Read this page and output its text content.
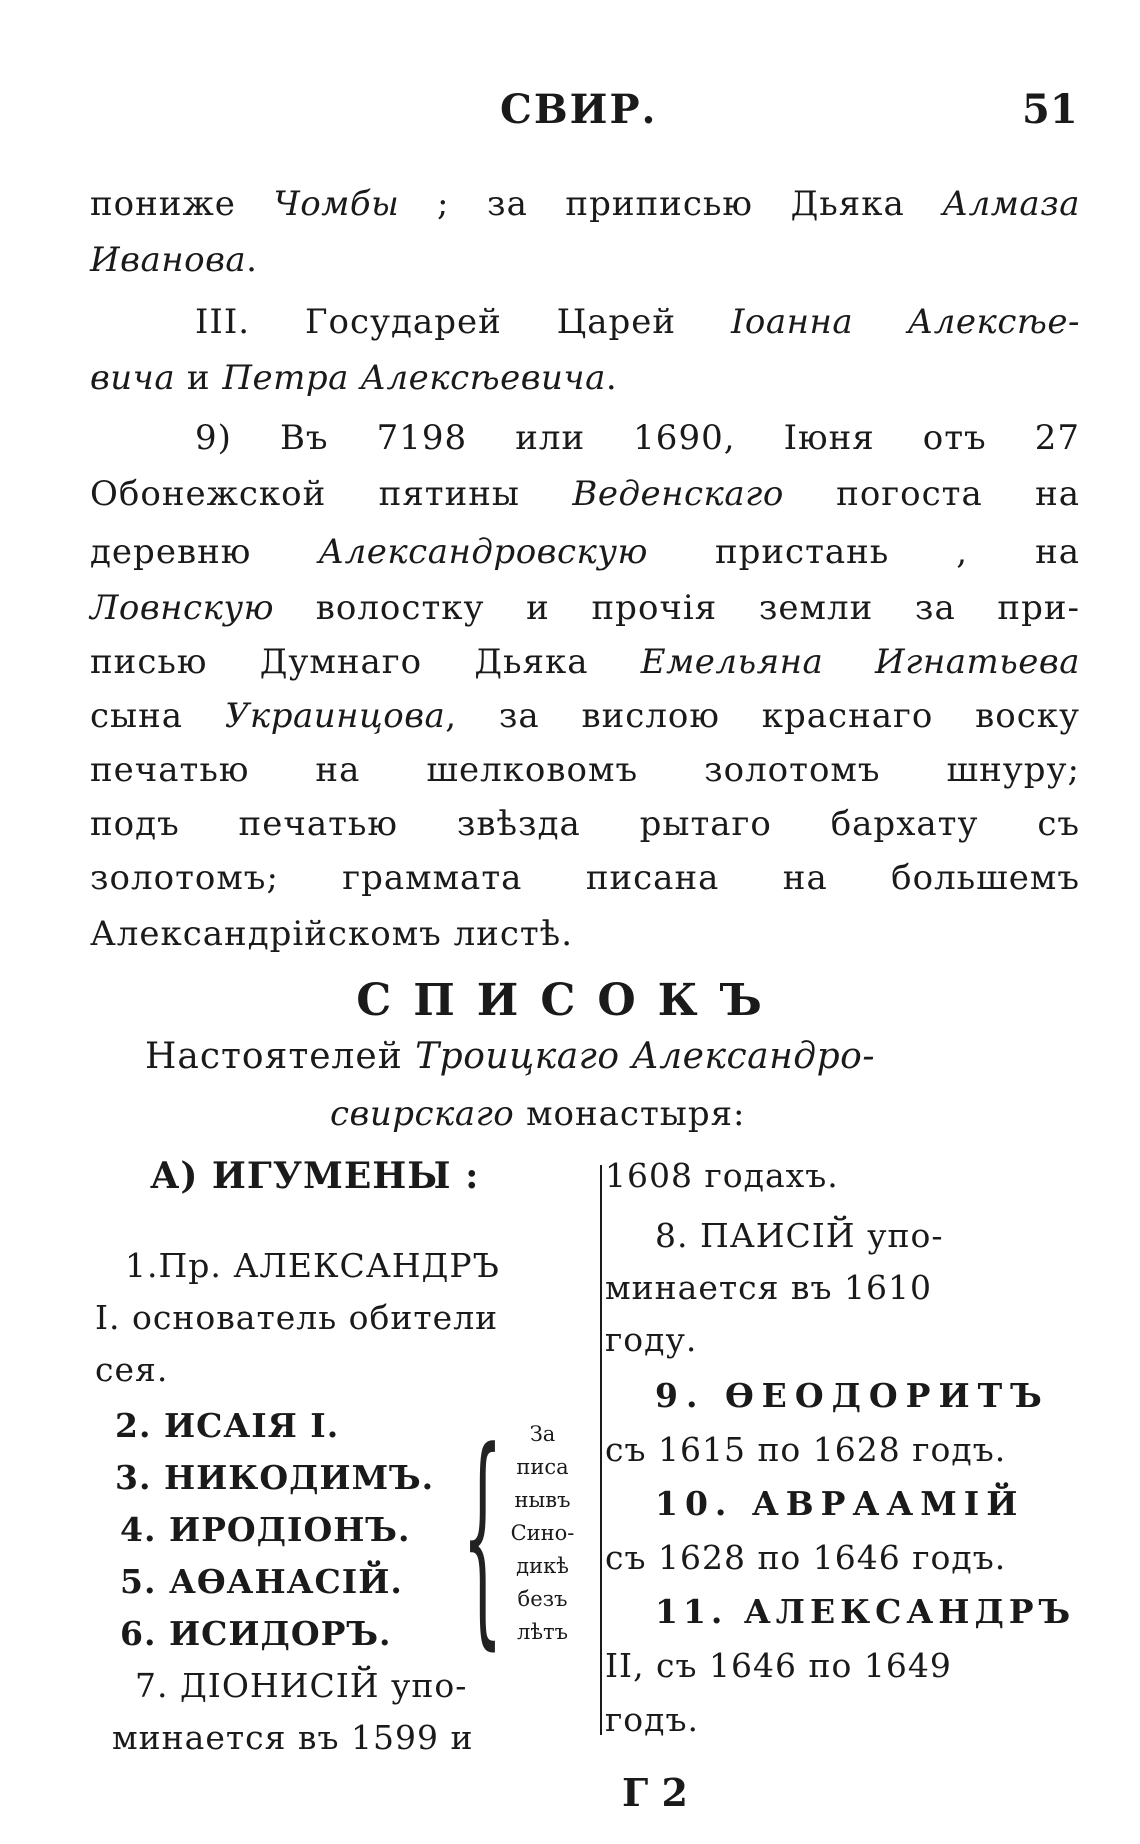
СВИР.	51
пониже Чомбы ; за приписью Дьяка Алмаза
Иванова.
III. Государей Царей Іоанна Алексѣе-
вича и Петра Алексѣевича.
9) Въ 7198 или 1690, Іюня отъ 27
Обонежской пятины Веденскаго погоста на
деревню Александровскую пристань , на
Ловнскую волостку и прочія земли за при-
писью Думнаго Дьяка Емельяна Игнатьева
сына Украинцова, за вислою краснаго воску
печатью на шелковомъ золотомъ шнуру;
подъ печатью звѣзда рытаго бархату съ
золотомъ; граммата писана на большемъ
Александрійскомъ листѣ.
СПИСОКЪ
Настоятелей Троицкаго Александро-
свирскаго монастыря:
А) ИГУМЕНЫ :
1.Пр. АЛЕКСАНДРЪ
I. основатель обители
сея.
2. ИСАІЯ I.
3. НИКОДИМЪ.
4. ИРОДІОНЪ.
5. АѲАНАСІЙ.
6. ИСИДОРЪ.
7. ДІОНИСІЙ упо-
минается въ 1599 и
{	За
писа
нывъ
Сино-
дикѣ
безъ
лѣтъ
1608 годахъ.
8. ПАИСІЙ упо-
минается въ 1610
году.
9. ѲЕОДОРИТЪ
съ 1615 по 1628 годъ.
10. АВРААМІЙ
съ 1628 по 1646 годъ.
11. АЛЕКСАНДРЪ
II, съ 1646 по 1649
годъ.
Г 2
